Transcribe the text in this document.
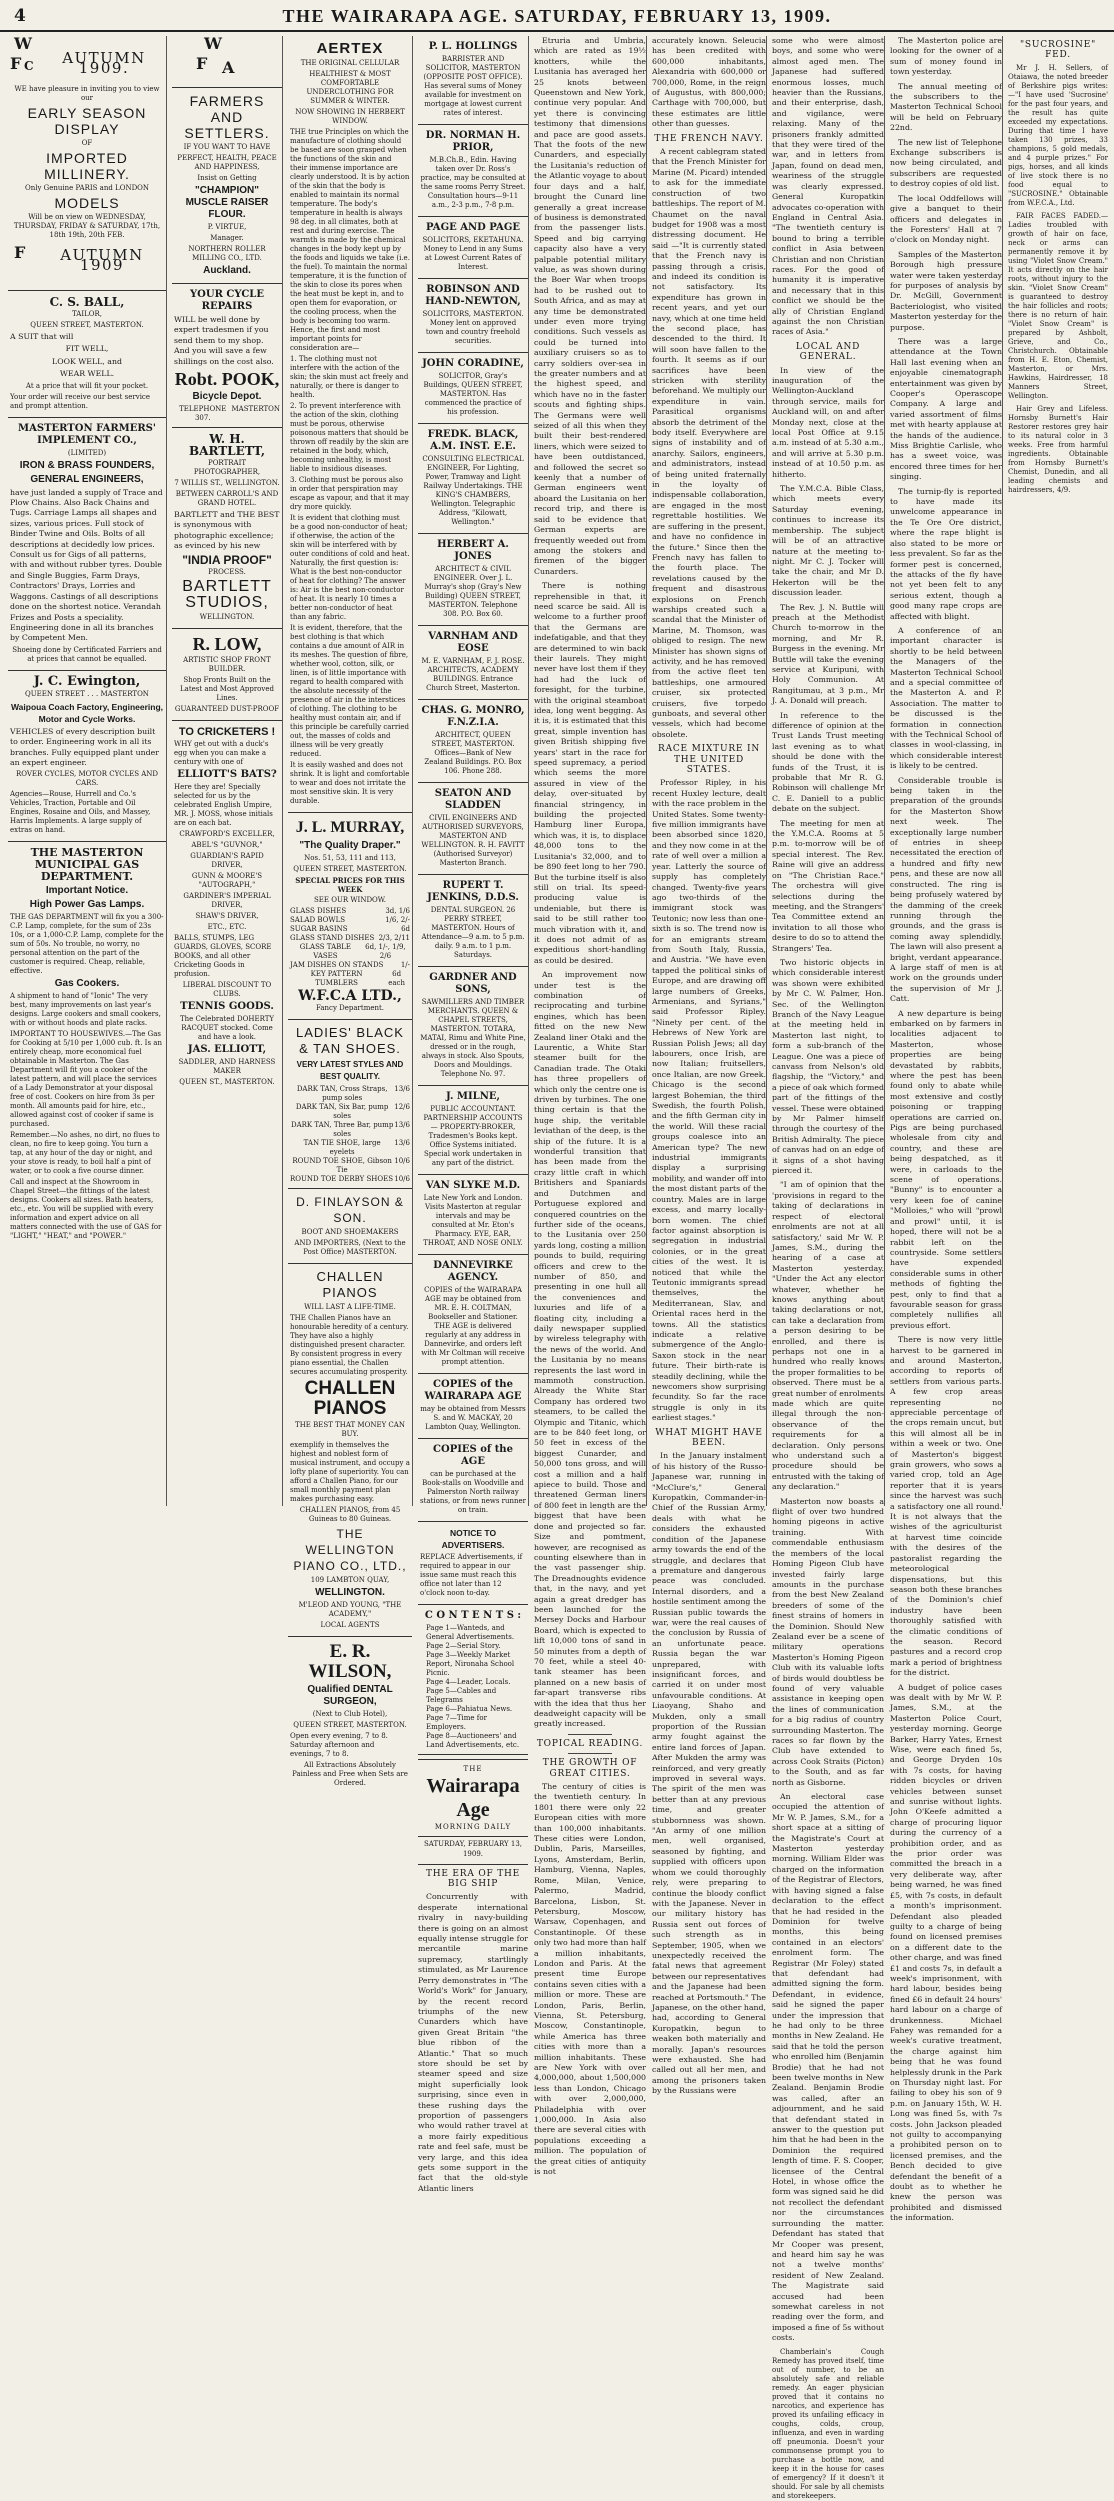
4	THE WAIRARAPA AGE. SATURDAY, FEBRUARY 13, 1909.
W
F C	AUTUMN 1909.

WE have pleasure in inviting you to view our

EARLY SEASON DISPLAY

OF

IMPORTED MILLINERY.

Only Genuine PARIS and LONDON

MODELS

Will be on view on WEDNESDAY, THURSDAY, FRIDAY & SATURDAY, 17th, 18th 19th, 20th FEB.

F	AUTUMN 1909

C. S. BALL,

TAILOR,

QUEEN STREET, MASTERTON.

A SUIT that will

FIT WELL,

LOOK WELL, and

WEAR WELL.

At a price that will fit your pocket.

Your order will receive our best service and prompt attention.

MASTERTON FARMERS' IMPLEMENT CO.,

(LIMITED)

IRON & BRASS FOUNDERS,

GENERAL ENGINEERS,

have just landed a supply of Trace and Plow Chains. Also Back Chains and Tugs. Carriage Lamps all shapes and sizes, various prices. Full stock of Binder Twine and Oils. Bolts of all descriptions at decidedly low prices. Consult us for Gigs of all patterns, with and without rubber tyres. Double and Single Buggies, Farm Drays, Contractors' Drays, Lorries and Waggons. Castings of all descriptions done on the shortest notice. Verandah Frizes and Posts a speciality. Engineering done in all its branches by Competent Men.

Shoeing done by Certificated Farriers and at prices that cannot be equalled.

J. C. Ewington,

QUEEN STREET . . . MASTERTON

Waipoua Coach Factory, Engineering, Motor and Cycle Works.

VEHICLES of every description built to order. Engineering work in all its branches. Fully equipped plant under an expert engineer.

ROVER CYCLES, MOTOR CYCLES AND CARS.

Agencies—Rouse, Hurrell and Co.'s Vehicles, Traction, Portable and Oil Engines, Rosaine and Oils, and Massey, Harris Implements. A large supply of extras on hand.

THE MASTERTON MUNICIPAL GAS DEPARTMENT.

Important Notice.

High Power Gas Lamps.

THE GAS DEPARTMENT will fix you a 300-C.P. Lamp, complete, for the sum of 23s 10s, or a 1,000-C.P. Lamp, complete for the sum of 50s. No trouble, no worry, no personal attention on the part of the customer is required. Cheap, reliable, effective.

Gas Cookers.

A shipment to hand of "Ionic" The very best, many improvements on last year's designs. Large cookers and small cookers, with or without hoods and plate racks.

IMPORTANT TO HOUSEWIVES.—The Gas for Cooking at 5/10 per 1,000 cub. ft. Is an entirely cheap, more economical fuel obtainable in Masterton. The Gas Department will fit you a cooker of the latest pattern, and will place the services of a Lady Demonstrator at your disposal free of cost. Cookers on hire from 3s per month. All amounts paid for hire, etc., allowed against cost of cooker if same is purchased.

Remember.—No ashes, no dirt, no flues to clean, no fire to keep going. You turn a tap, at any hour of the day or night, and your stove is ready, to boil half a pint of water, or to cook a five course dinner.

Call and inspect at the Showroom in Chapel Street—the fittings of the latest designs. Cookers all sizes. Bath heaters, etc., etc. You will be supplied with every information and expert advice on all matters connected with the use of GAS for "LIGHT," "HEAT," and "POWER."

W
F A

FARMERS AND SETTLERS.

IF YOU WANT TO HAVE

PERFECT, HEALTH, PEACE AND HAPPINESS,

Insist on Getting

"CHAMPION" MUSCLE RAISER FLOUR.

P. VIRTUE,

Manager.

NORTHERN ROLLER MILLING CO., LTD.

Auckland.

YOUR CYCLE REPAIRS

WILL be well done by expert tradesmen if you send them to my shop. And you will save a few shillings on the cost also.

Robt. POOK,

Bicycle Depot.

TELEPHONE 307.
MASTERTON

W. H. BARTLETT,

PORTRAIT PHOTOGRAPHER,

7 WILLIS ST., WELLINGTON.

BETWEEN CARROLL'S AND GRAND HOTEL.

BARTLETT and THE BEST is synonymous with photographic excellence; as evinced by his new

"INDIA PROOF"

PROCESS.

BARTLETT STUDIOS,

WELLINGTON.

R. LOW,

ARTISTIC SHOP FRONT BUILDER.

Shop Fronts Built on the Latest and Most Approved Lines.

GUARANTEED DUST-PROOF

TO CRICKETERS !

WHY get out with a duck's egg when you can make a century with one of

ELLIOTT'S BATS?

Here they are! Specially selected for us by the celebrated English Umpire, MR. J. MOSS, whose initials are on each bat.

CRAWFORD'S EXCELLER,

ABEL'S "GUVNOR,"

GUARDIAN'S RAPID DRIVER,

GUNN & MOORE'S "AUTOGRAPH,"

GARDINER'S IMPERIAL DRIVER,

SHAW'S DRIVER,

ETC., ETC.

BALLS, STUMPS, LEG GUARDS, GLOVES, SCORE BOOKS, and all other Cricketing Goods in profusion.

LIBERAL DISCOUNT TO CLUBS.

TENNIS GOODS.

The Celebrated DOHERTY RACQUET stocked. Come and have a look.

JAS. ELLIOTT,

SADDLER, AND HARNESS MAKER

QUEEN ST., MASTERTON.

AERTEX

THE ORIGINAL CELLULAR

HEALTHIEST & MOST COMFORTABLE UNDERCLOTHING FOR SUMMER & WINTER.

NOW SHOWING IN HERBERT WINDOW.

THE true Principles on which the manufacture of clothing should be based are soon grasped when the functions of the skin and their immense importance are clearly understood. It is by action of the skin that the body is enabled to maintain its normal temperature. The body's temperature in health is always 98 deg. in all climates, both at rest and during exercise. The warmth is made by the chemical changes in the body kept up by the foods and liquids we take (i.e. the fuel). To maintain the normal temperature, it is the function of the skin to close its pores when the heat must be kept in, and to open them for evaporation, or the cooling process, when the body is becoming too warm. Hence, the first and most important points for consideration are—

1. The clothing must not interfere with the action of the skin; the skin must act freely and naturally, or there is danger to health.

2. To prevent interference with the action of the skin, clothing must be porous, otherwise poisonous matters that should be thrown off readily by the skin are retained in the body, which, becoming unhealthy, is most liable to insidious diseases.

3. Clothing must be porous also in order that perspiration may escape as vapour, and that it may dry more quickly.

It is evident that clothing must be a good non-conductor of heat; if otherwise, the action of the skin will be interfered with by outer conditions of cold and heat. Naturally, the first question is: What is the best non-conductor of heat for clothing? The answer is: Air is the best non-conductor of heat. It is nearly 10 times a better non-conductor of heat than any fabric.

It is evident, therefore, that the best clothing is that which contains a due amount of AIR in its meshes. The question of fibre, whether wool, cotton, silk, or linen, is of little importance with regard to health compared with the absolute necessity of the presence of air in the interstices of clothing. The clothing to be healthy must contain air, and if this principle be carefully carried out, the masses of colds and illness will be very greatly reduced.

It is easily washed and does not shrink. It is light and comfortable to wear and does not irritate the most sensitive skin. It is very durable.

J. L. MURRAY,

"The Quality Draper."

Nos. 51, 53, 111 and 113,

QUEEN STREET, MASTERTON.

SPECIAL PRICES FOR THIS WEEK

SEE OUR WINDOW.

GLASS DISHES	3d, 1/6
SALAD BOWLS	1/6, 2/-
SUGAR BASINS	6d
GLASS STAND DISHES 2/3, 2/11
GLASS TABLE VASES
6d, 1/-, 1/9, 2/6
JAM DISHES ON STANDS 1/-
KEY PATTERN TUMBLERS
6d each

W.F.C.A LTD.,

Fancy Department.

LADIES' BLACK & TAN SHOES.

VERY LATEST STYLES AND BEST QUALITY.

DARK TAN, Cross Straps, pump soles
13/6
DARK TAN, Six Bar, pump soles
12/6
DARK TAN, Three Bar, pump soles
13/6
TAN TIE SHOE, large eyelets
13/6
ROUND TOE SHOE, Gibson Tie
10/6
ROUND TOE DERBY SHOES 10/6

D. FINLAYSON & SON.

BOOT AND SHOEMAKERS

AND IMPORTERS, (Next to the Post Office) MASTERTON.

CHALLEN PIANOS

WILL LAST A LIFE-TIME.

THE Challen Pianos have an honourable heredity of a century. They have also a highly distinguished present character. By consistent progress in every piano essential, the Challen secures accumulating prosperity.

CHALLEN PIANOS

THE BEST THAT MONEY CAN BUY.

exemplify in themselves the highest and noblest form of musical instrument, and occupy a lofty plane of superiority. You can afford a Challen Piano, for our small monthly payment plan makes purchasing easy.

CHALLEN PIANOS, from 45 Guineas to 80 Guineas.

THE WELLINGTON PIANO CO., LTD.,

109 LAMBTON QUAY,

WELLINGTON.

M'LEOD AND YOUNG, "THE ACADEMY,"

LOCAL AGENTS

E. R. WILSON,

Qualified DENTAL SURGEON,

(Next to Club Hotel),

QUEEN STREET, MASTERTON.

Open every evening, 7 to 8. Saturday afternoon and evenings, 7 to 8.

All Extractions Absolutely Painless and Free when Sets are Ordered.

P. L. HOLLINGS

BARRISTER AND SOLICITOR, MASTERTON (OPPOSITE POST OFFICE). Has several sums of Money available for investment on mortgage at lowest current rates of interest.

DR. NORMAN H. PRIOR,

M.B.Ch.B., Edin. Having taken over Dr. Ross's practice, may be consulted at the same rooms Perry Street. Consultation hours—9-11 a.m., 2-3 p.m., 7-8 p.m.

PAGE AND PAGE

SOLICITORS, EKETAHUNA. Money to Lend in any Sums at Lowest Current Rates of Interest.

ROBINSON AND HAND-NEWTON,

SOLICITORS, MASTERTON. Money lent on approved town and country freehold securities.

JOHN CORADINE,

SOLICITOR, Gray's Buildings, QUEEN STREET, MASTERTON. Has commenced the practice of his profession.

FREDK. BLACK, A.M. INST. E.E.

CONSULTING ELECTRICAL ENGINEER, For Lighting, Power, Tramway and Light Railway Undertakings. THE KING'S CHAMBERS, Wellington. Telegraphic Address, "Kilowatt, Wellington."

HERBERT A. JONES

ARCHITECT & CIVIL ENGINEER. Over J. L. Murray's shop (Gray's New Building) QUEEN STREET, MASTERTON. Telephone 308. P.O. Box 60.

VARNHAM AND EOSE

M. E. VARNHAM, F. J. ROSE. ARCHITECTS, ACADEMY BUILDINGS. Entrance Church Street, Masterton.

CHAS. G. MONRO, F.N.Z.I.A.

ARCHITECT, QUEEN STREET, MASTERTON. Offices—Bank of New Zealand Buildings. P.O. Box 106. Phone 288.

SEATON AND SLADDEN

CIVIL ENGINEERS AND AUTHORISED SURVEYORS, MASTERTON AND WELLINGTON. R. H. FAVITT (Authorised Surveyor) Masterton Branch.

RUPERT T. JENKINS, D.D.S.

DENTAL SURGEON. 26 PERRY STREET, MASTERTON. Hours of Attendance—9 a.m. to 5 p.m. daily. 9 a.m. to 1 p.m. Saturdays.

GARDNER AND SONS,

SAWMILLERS AND TIMBER MERCHANTS. QUEEN & CHAPEL STREETS, MASTERTON. TOTARA, MATAI, Rimu and White Pine, dressed or in the rough, always in stock. Also Spouts, Doors and Mouldings. Telephone No. 97.

J. MILNE,

PUBLIC ACCOUNTANT. PARTNERSHIP ACCOUNTS — PROPERTY-BROKER, Tradesmen's Books kept. Office Systems initiated. Special work undertaken in any part of the district.

VAN SLYKE M.D.

Late New York and London. Visits Masterton at regular intervals and may be consulted at Mr. Eton's Pharmacy. EYE, EAR, THROAT, AND NOSE ONLY.

DANNEVIRKE AGENCY.

COPIES of the WAIRARAPA AGE may be obtained from MR. E. H. COLTMAN, Bookseller and Stationer. THE AGE is delivered regularly at any address in Dannevirke, and orders left with Mr Coltman will receive prompt attention.

COPIES of the WAIRARAPA AGE

may be obtained from Messrs S. and W. MACKAY, 20 Lambton Quay, Wellington.

COPIES of the AGE

can be purchased at the Book-stalls on Woodville and Palmerston North railway stations, or from news runner on train.

NOTICE TO ADVERTISERS.

REPLACE Advertisements, if required to appear in our issue same must reach this office not later than 12 o'clock noon to-day.

C O N T E N T S :

Page 1—Wanteds, and General Advertisements.
Page 2—Serial Story.
Page 3—Weekly Market Report, Nironaha School Picnic.
Page 4—Leader, Locals.
Page 5—Cables and Telegrams
Page 6—Pahiatua News.
Page 7—Time for Employers.
Page 8—Auctioneers' and Land Advertisements, etc.
THE
Wairarapa Age
MORNING DAILY
SATURDAY, FEBRUARY 13, 1909.
THE ERA OF THE BIG SHIP

Concurrently with desperate international rivalry in navy-building there is going on an almost equally intense struggle for mercantile marine supremacy, startlingly stimulated, as Mr Laurence Perry demonstrates in "The World's Work" for January, by the recent record triumphs of the new Cunarders which have given Great Britain "the blue ribbon of the Atlantic." That so much store should be set by steamer speed and size might superficially look surprising, since even in these rushing days the proportion of passengers who would rather travel at a more fairly expeditious rate and feel safe, must be very large, and this idea gets some support in the fact that the old-style Atlantic liners

Etruria and Umbria, which are rated as 19½ knotters, while the Lusitania has averaged her 25 knots between Queenstown and New York, continue very popular. And yet there is convincing testimony that dimensions and pace are good assets. That the foots of the new Cunarders, and especially the Lusitania's reduction of the Atlantic voyage to about four days and a half, brought the Cunard line generally a great increase of business is demonstrated from the passenger lists. Speed and big carrying capacity also have a very palpable potential military value, as was shown during the Boer War when troops had to be rushed out to South Africa, and as may at any time be demonstrated under even more trying conditions. Such vessels as could be turned into auxiliary cruisers so as to carry soldiers over-sea in the greater numbers and at the highest speed, and which have no in the faster scouts and fighting ships. The Germans were well seized of all this when they built their best-rendered liners, which were seized to have been outdistanced, and followed the secret so keenly that a number of German engineers went aboard the Lusitania on her record trip, and there is said to be evidence that German experts are frequently weeded out from among the stokers and firemen of the bigger Cunarders.

There is nothing reprehensible in that, it need scarce be said. All is welcome to a further proof that the Germans are indefatigable, and that they are determined to win back their laurels. They might never have lost them if they had had the luck of foresight, for the turbine, with the original steamboat idea, long went begging. As it is, it is estimated that this great, simple invention has given British shipping five years' start in the race for speed supremacy, a period which seems the more assured in view of the delay, over-situated by financial stringency, in building the projected Hamburg liner Europa, which was, it is, to displace 48,000 tons to the Lusitania's 32,000, and to be 890 feet long to her 790. But the turbine itself is also still on trial. Its speed-producing value is undeniable, but there is said to be still rather too much vibration with it, and it does not admit of as expeditious short-handling as could be desired.

An improvement now under test is the combination of reciprocating and turbine engines, which has been fitted on the new New Zealand liner Otaki and the Laurentic, a White Star steamer built for the Canadian trade. The Otaki has three propellers of which only the centre one is driven by turbines. The one thing certain is that the huge ship, the veritable leviathan of the deep, is the ship of the future. It is a wonderful transition that has been made from the crazy little craft in which Britishers and Spaniards and Dutchmen and Portuguese explored and conquered countries on the further side of the oceans, to the Lusitania over 250 yards long, costing a million pounds to build, requiring officers and crew to the number of 850, and presenting in one hull all the conveniences and luxuries and life of a floating city, including a daily newspaper supplied by wireless telegraphy with the news of the world. And the Lusitania by no means represents the last word in mammoth construction. Already the White Star Company has ordered two steamers, to be called the Olympic and Titanic, which are to be 840 feet long, or 50 feet in excess of the biggest Cunarder, and 50,000 tons gross, and will cost a million and a half apiece to build. Those and threatened German liners of 800 feet in length are the biggest that have been done and projected so far. Size and pomtment, however, are recognised as counting elsewhere than in the vast passenger ship. The Dreadnoughts evidence that, in the navy, and yet again a great dredger has been launched for the Mersey Docks and Harbour Board, which is expected to lift 10,000 tons of sand in 50 minutes from a depth of 70 feet, while a steel 40-tank steamer has been planned on a new basis of far-apart transverse ribs with the idea that thus her deadweight capacity will be greatly increased.

TOPICAL READING.
THE GROWTH OF GREAT CITIES.

The century of cities is the twentieth century. In 1801 there were only 22 European cities with more than 100,000 inhabitants. These cities were London, Dublin, Paris, Marseilles, Lyons, Amsterdam, Berlin, Hamburg, Vienna, Naples, Rome, Milan, Venice, Palermo, Madrid, Barcelona, Lisbon, St. Petersburg, Moscow, Warsaw, Copenhagen, and Constantinople. Of these only two had more than half a million inhabitants, London and Paris. At the present time Europe contains seven cities with a million or more. These are London, Paris, Berlin, Vienna, St. Petersburg, Moscow, Constantinople, while America has three cities with more than a million inhabitants. These are New York with over 4,000,000, about 1,500,000 less than London, Chicago with over 2,000,000, Philadelphia with over 1,000,000. In Asia also there are several cities with populations exceeding a million. The population of the great cities of antiquity is not

accurately known. Seleucia has been credited with 600,000 inhabitants, Alexandria with 600,000 or 700,000, Rome, in the reign of Augustus, with 800,000; Carthage with 700,000, but these estimates are little other than guesses.

THE FRENCH NAVY.

A recent cablegram stated that the French Minister for Marine (M. Picard) intended to ask for the immediate construction of two battleships. The report of M. Chaumet on the naval budget for 1908 was a most distressing document. He said —"It is currently stated that the French navy is passing through a crisis, and indeed its condition is not satisfactory. Its expenditure has grown in recent years, and yet our navy, which at one time held the second place, has descended to the third. It will soon have fallen to the fourth. It seems as if our sacrifices have been stricken with sterility beforehand. We multiply our expenditure in vain. Parasitical organisms absorb the detriment of the body itself. Everywhere are signs of instability and of anarchy. Sailors, engineers, and administrators, instead of being united fraternally in the loyalty of indispensable collaboration, are engaged in the most regrettable hostilities. We are suffering in the present, and have no confidence in the future." Since then the French navy has fallen to the fourth place. The revelations caused by the frequent and disastrous explosions on French warships created such a scandal that the Minister of Marine, M. Thomson, was obliged to resign. The new Minister has shown signs of activity, and he has removed from the active fleet ten battleships, one armoured cruiser, six protected cruisers, five torpedo gunboats, and several other vessels, which had become obsolete.

RACE MIXTURE IN THE UNITED STATES.

Professor Ripley, in his recent Huxley lecture, dealt with the race problem in the United States. Some twenty-five million immigrants have been absorbed since 1820, and they now come in at the rate of well over a million a year. Latterly the source of supply has completely changed. Twenty-five years ago two-thirds of the immigrant stock was Teutonic; now less than one-sixth is so. The trend now is for an emigrants stream from South Italy, Russia, and Austria. "We have even tapped the political sinks of Europe, and are drawing off large numbers of Greeks, Armenians, and Syrians," said Professor Ripley. "Ninety per cent. of the Hebrews of New York are Russian Polish Jews; all day labourers, once Irish, are now Italian; fruitsellers, once Italian, are now Greek. Chicago is the second largest Bohemian, the third Swedish, the fourth Polish, and the fifth German city in the world. Will these racial groups coalesce into an American type? The new industrial immigrants display a surprising mobility, and wander off into the most distant parts of the country. Males are in large excess, and marry locally-born women. The chief factor against absorption is segregation in industrial colonies, or in the great cities of the west. It is noticed that while the Teutonic immigrants spread themselves, the Mediterranean, Slav, and Oriental races herd in the towns. All the statistics indicate a relative submergence of the Anglo-Saxon stock in the near future. Their birth-rate is steadily declining, while the newcomers show surprising fecundity. So far the race struggle is only in its earliest stages."

WHAT MIGHT HAVE BEEN.

In the January instalment of his history of the Russo-Japanese war, running in "McClure's," General Kuropatkin, Commander-in-Chief of the Russian Army, deals with what he considers the exhausted condition of the Japanese army towards the end of the struggle, and declares that a premature and dangerous peace was concluded. Internal disorders, and a hostile sentiment among the Russian public towards the war, were the real causes of the conclusion by Russia of an unfortunate peace. Russia began the war unprepared, with insignificant forces, and carried it on under most unfavourable conditions. At Liaoyang, Shaho and Mukden, only a small proportion of the Russian army fought against the entire land forces of Japan. After Mukden the army was reinforced, and very greatly improved in several ways. The spirit of the men was better than at any previous time, and greater stubbornness was shown. "An army of one million men, well organised, seasoned by fighting, and supplied with officers upon whom we could thoroughly rely, were preparing to continue the bloody conflict with the Japanese. Never in our military history has Russia sent out forces of such strength as in September, 1905, when we unexpectedly received the fatal news that agreement between our representatives and the Japanese had been reached at Portsmouth." The Japanese, on the other hand, had, according to General Kuropatkin, begun to weaken both materially and morally. Japan's resources were exhausted. She had called out all her men, and among the prisoners taken by the Russians were

some who were almost boys, and some who were almost aged men. The Japanese had suffered enormous losses, much heavier than the Russians, and their enterprise, dash, and vigilance, were relaxing. Many of the prisoners frankly admitted that they were tired of the war, and in letters from Japan, found on dead men, weariness of the struggle was clearly expressed. General Kuropatkin advocates co-operation with England in Central Asia. "The twentieth century is bound to bring a terrible conflict in Asia between Christian and non Christian races. For the good of humanity it is imperative and necessary that in this conflict we should be the ally of Christian England against the non Christian races of Asia."

LOCAL AND GENERAL.

In view of the inauguration of the Wellington-Auckland through service, mails for Auckland will, on and after Monday next, close at the local Post Office at 9.15 a.m. instead of at 5.30 a.m., and will arrive at 5.30 p.m. instead of at 10.50 p.m. as hitherto.

The Y.M.C.A. Bible Class, which meets every Saturday evening, continues to increase its membership. The subject will be of an attractive nature at the meeting to-night. Mr C. J. Tocker will take the chair, and Mr D. Hekerton will be the discussion leader.

The Rev. J. N. Buttle will preach at the Methodist Church to-morrow in the morning, and Mr R. Burgess in the evening. Mr Buttle will take the evening service at Kuripuni, with Holy Communion. At Rangitumau, at 3 p.m., Mr J. A. Donald will preach.

In reference to the difference of opinion at the Trust Lands Trust meeting last evening as to what should be done with the funds of the Trust, it is probable that Mr R. G. Robinson will challenge Mr C. E. Daniell to a public debate on the subject.

The meeting for men at the Y.M.C.A. Rooms at 5 p.m. to-morrow will be of special interest. The Rev. Raine will give an address on "The Christian Race." The orchestra will give selections during the meeting, and the Strangers' Tea Committee extend an invitation to all those who desire to do so to attend the Strangers' Tea.

Two historic objects in which considerable interest was shown were exhibited by Mr C. W. Palmer, Hon. Sec. of the Wellington Branch of the Navy League at the meeting held in Masterton last night, to form a sub-branch of the League. One was a piece of canvass from Nelson's old flagship, the "Victory," and a piece of oak which formed part of the fittings of the vessel. These were obtained by Mr Palmer himself through the courtesy of the British Admiralty. The piece of canvas had on an edge of it signs of a shot having pierced it.

"I am of opinion that the 'provisions in regard to the taking of declarations in respect of electoral enrolments are not at all satisfactory,' said Mr W. P. James, S.M., during the hearing of a case at Masterton yesterday. "Under the Act any elector whatever, whether he knows anything about taking declarations or not, can take a declaration from a person desiring to be enrolled, and there is perhaps not one in a hundred who really knows the proper formalities to be observed. There must be a great number of enrolments made which are quite illegal through the non-observance of the requirements for a declaration. Only persons who understand such a procedure should be entrusted with the taking of any declaration."

Masterton now boasts a flight of over two hundred homing pigeons in active training. With commendable enthusiasm the members of the local Homing Pigeon Club have invested fairly large amounts in the purchase from the best New Zealand breeders of some of the finest strains of homers in the Dominion. Should New Zealand ever be a scene of military operations Masterton's Homing Pigeon Club with its valuable lofts of birds would doubtless be found of very valuable assistance in keeping open the lines of communication for a big radius of country surrounding Masterton. The races so far flown by the Club have extended to across Cook Straits (Picton) to the South, and as far north as Gisborne.

An electoral case occupied the attention of Mr W. P. James, S.M., for a short space at a sitting of the Magistrate's Court at Masterton yesterday morning. William Elder was charged on the information of the Registrar of Electors, with having signed a false declaration to the effect that he had resided in the Dominion for twelve months, this being contained in an electors' enrolment form. The Registrar (Mr Foley) stated that defendant had admitted signing the form. Defendant, in evidence, said he signed the paper under the impression that he had only to be three months in New Zealand. He said that he told the person who enrolled him (Benjamin Brodie) that he had not been twelve months in New Zealand. Benjamin Brodie was called, after an adjournment, and he said that defendant stated in answer to the question put him that he had been in the Dominion the required length of time. F. S. Cooper, licensee of the Central Hotel, in whose office the form was signed said he did not recollect the defendant nor the circumstances surrounding the matter. Defendant has stated that Mr Cooper was present, and heard him say he was not a twelve months' resident of New Zealand. The Magistrate said accused had been somewhat careless in not reading over the form, and imposed a fine of 5s without costs.

Chamberlain's Cough Remedy has proved itself, time out of number, to be an absolutely safe and reliable remedy. An eager physician proved that it contains no narcotics, and experience has proved its unfailing efficacy in coughs, colds, croup, influenza, and even in warding off pneumonia. Doesn't your commonsense prompt you to purchase a bottle now, and keep it in the house for cases of emergency? If it doesn't it should. For sale by all chemists and storekeepers.

The Masterton police are looking for the owner of a sum of money found in town yesterday.

The annual meeting of the subscribers to the Masterton Technical School will be held on February 22nd.

The new list of Telephone Exchange subscribers is now being circulated, and subscribers are requested to destroy copies of old list.

The local Oddfellows will give a banquet to their officers and delegates in the Foresters' Hall at 7 o'clock on Monday night.

Samples of the Masterton Borough high pressure water were taken yesterday for purposes of analysis by Dr. McGill, Government Bacteriologist, who visited Masterton yesterday for the purpose.

There was a large attendance at the Town Hall last evening when an enjoyable cinematograph entertainment was given by Cooper's Operascope Company. A large and varied assortment of films met with hearty applause at the hands of the audience. Miss Brightie Carlisle, who has a sweet voice, was encored three times for her singing.

The turnip-fly is reported to have made its unwelcome appearance in the Te Ore Ore district, where the rape blight is also stated to be more or less prevalent. So far as the former pest is concerned, the attacks of the fly have not yet been felt to any serious extent, though a good many rape crops are affected with blight.

A conference of an important character is shortly to be held between the Managers of the Masterton Technical School and a special committee of the Masterton A. and P. Association. The matter to be discussed is the formation in connection with the Technical School of classes in wool-classing, in which considerable interest is likely to be centred.

Considerable trouble is being taken in the preparation of the grounds for the Masterton Show next week. The exceptionally large number of entries in sheep necessitated the erection of a hundred and fifty new pens, and these are now all constructed. The ring is being profusely watered by the damming of the creek running through the grounds, and the grass is coming away splendidly. The lawn will also present a bright, verdant appearance. A large staff of men is at work on the grounds under the supervision of Mr J. Catt.

A new departure is being embarked on by farmers in localities adjacent to Masterton, whose properties are being devastated by rabbits, where the pest has been found only to abate while most extensive and costly poisoning or trapping operations are carried on. Pigs are being purchased wholesale from city and country, and these are being despatched, as it were, in carloads to the scene of operations. "Bunny" is to encounter a very keen foe of canine "Molloies," who will "prowl and prowl" until, it is hoped, there will not be a rabbit left on the countryside. Some settlers have expended considerable sums in other methods of fighting the pest, only to find that a favourable season for grass completely nullifies all previous effort.

There is now very little harvest to be garnered in and around Masterton, according to reports of settlers from various parts. A few crop areas representing no appreciable percentage of the crops remain uncut, but this will almost all be in within a week or two. One of Masterton's biggest grain growers, who sows a varied crop, told an Age reporter that it is years since the harvest was such a satisfactory one all round. It is not always that the wishes of the agriculturist at harvest time coincide with the desires of the pastoralist regarding the meteorological dispensations, but this season both these branches of the Dominion's chief industry have been thoroughly satisfied with the climatic conditions of the season. Record pastures and a record crop mark a period of brightness for the district.

A budget of police cases was dealt with by Mr W. P. James, S.M., at the Masterton Police Court, yesterday morning. George Barker, Harry Yates, Ernest Wise, were each fined 5s, and George Dryden 10s with 7s costs, for having ridden bicycles or driven vehicles between sunset and sunrise without lights. John O'Keefe admitted a charge of procuring liquor during the currency of a prohibition order, and as the prior order was committed the breach in a very deliberate way, after being warned, he was fined £5, with 7s costs, in default a month's imprisonment. Defendant also pleaded guilty to a charge of being found on licensed premises on a different date to the other charge, and was fined £1 and costs 7s, in default a week's imprisonment, with hard labour, besides being fined £6 in default 24 hours' hard labour on a charge of drunkenness. Michael Fahey was remanded for a week's curative treatment, the charge against him being that he was found helplessly drunk in the Park on Thursday night last. For failing to obey his son of 9 p.m. on January 15th, W. H. Long was fined 5s, with 7s costs. John Jackson pleaded not guilty to accompanying a prohibited person on to licensed premises, and the Bench decided to give defendant the benefit of a doubt as to whether he knew the person was prohibited and dismissed the information.

"SUCROSINE" FED.

Mr J. H. Sellers, of Otaiawa, the noted breeder of Berkshire pigs writes:—"I have used 'Sucrosine' for the past four years, and the result has quite exceeded my expectations. During that time I have taken 130 prizes, 33 champions, 5 gold medals, and 4 purple prizes." For pigs, horses, and all kinds of live stock there is no food equal to "SUCROSINE." Obtainable from W.F.C.A., Ltd.

FAIR FACES FADED.—Ladies troubled with growth of hair on face, neck or arms can permanently remove it by using "Violet Snow Cream." It acts directly on the hair roots, without injury to the skin. "Violet Snow Cream" is guaranteed to destroy the hair follicles and roots; there is no return of hair. "Violet Snow Cream" is prepared by Ashbolt, Grieve, and Co., Christchurch. Obtainable from H. E. Eton, Chemist, Masterton, or Mrs. Hawkins, Hairdresser, 18 Manners Street, Wellington.

Hair Grey and Lifeless. Hornsby Burnett's Hair Restorer restores grey hair to its natural color in 3 weeks. Free from harmful ingredients. Obtainable from Hornsby Burnett's Chemist, Dunedin, and all leading chemists and hairdressers, 4/9.
